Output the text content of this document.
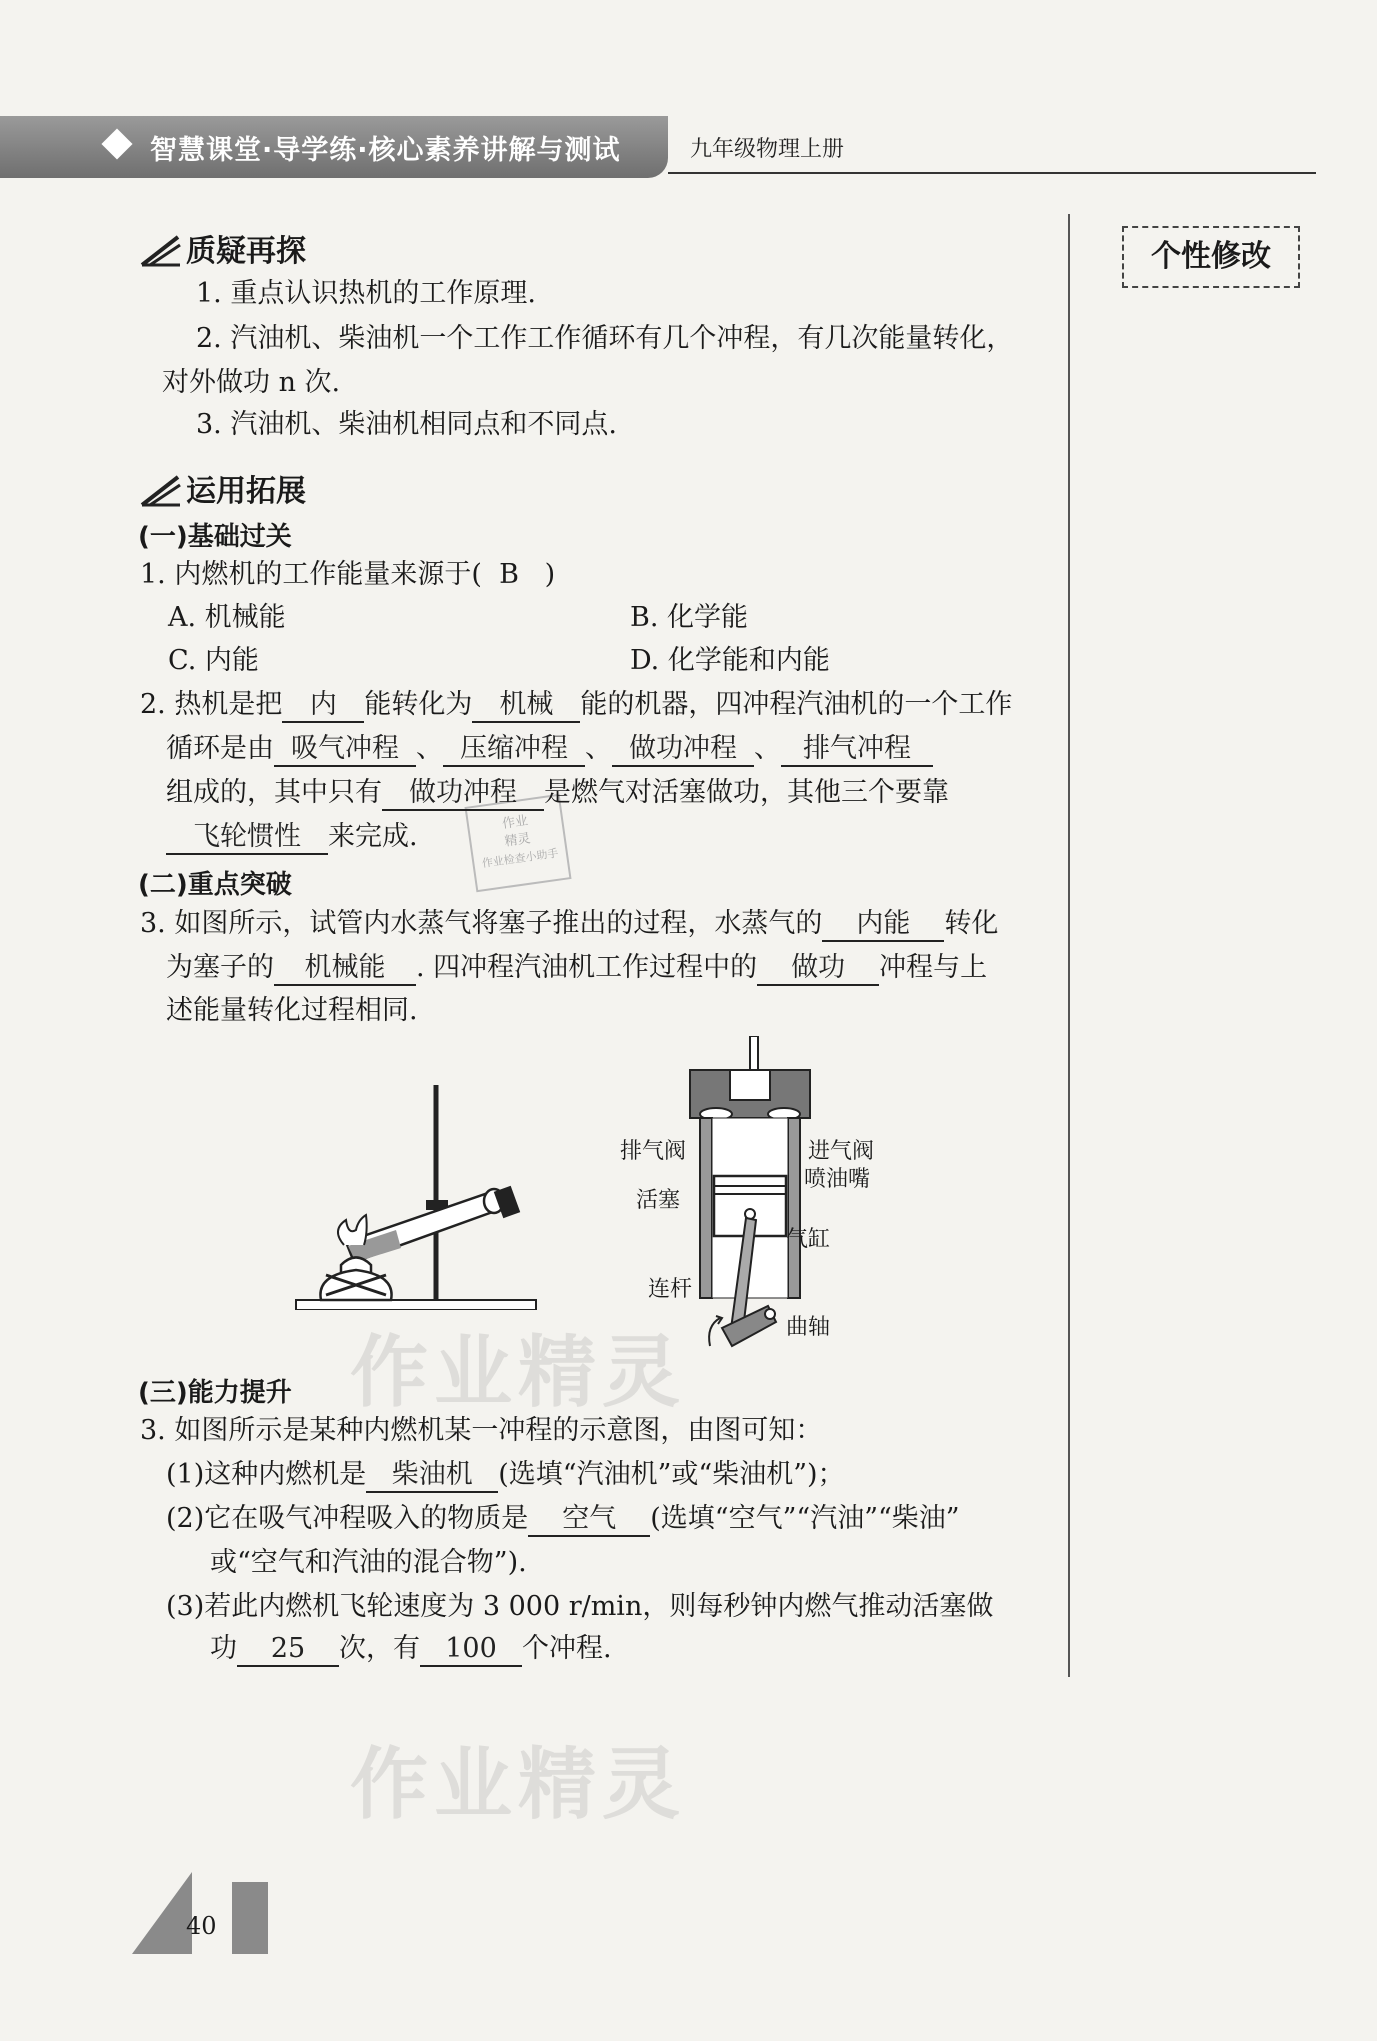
智慧课堂·导学练·核心素养讲解与测试	九年级物理上册
个性修改
作业精灵
作业精灵
作业
精灵
作业检查小助手
质疑再探
1. 重点认识热机的工作原理.
2. 汽油机、柴油机一个工作工作循环有几个冲程，有几次能量转化，
对外做功 n 次.
3. 汽油机、柴油机相同点和不同点.
运用拓展
(一)基础过关
1. 内燃机的工作能量来源于( B )
A. 机械能	B. 化学能
C. 内能	D. 化学能和内能
2. 热机是把 内 能转化为 机械 能的机器，四冲程汽油机的一个工作
循环是由 吸气冲程 、 压缩冲程 、 做功冲程 、 排气冲程
组成的，其中只有 做功冲程 是燃气对活塞做功，其他三个要靠
飞轮惯性 来完成.
(二)重点突破
3. 如图所示，试管内水蒸气将塞子推出的过程，水蒸气的 内能 转化
为塞子的 机械能 . 四冲程汽油机工作过程中的 做功 冲程与上
述能量转化过程相同.
排气阀	进气阀
喷油嘴
活塞
气缸
连杆
曲轴
(三)能力提升
3. 如图所示是某种内燃机某一冲程的示意图，由图可知：
(1)这种内燃机是 柴油机 (选填“汽油机”或“柴油机”)；
(2)它在吸气冲程吸入的物质是 空气 (选填“空气”“汽油”“柴油”
或“空气和汽油的混合物”).
(3)若此内燃机飞轮速度为 3 000 r/min，则每秒钟内燃气推动活塞做
功 25 次，有 100 个冲程.
40
